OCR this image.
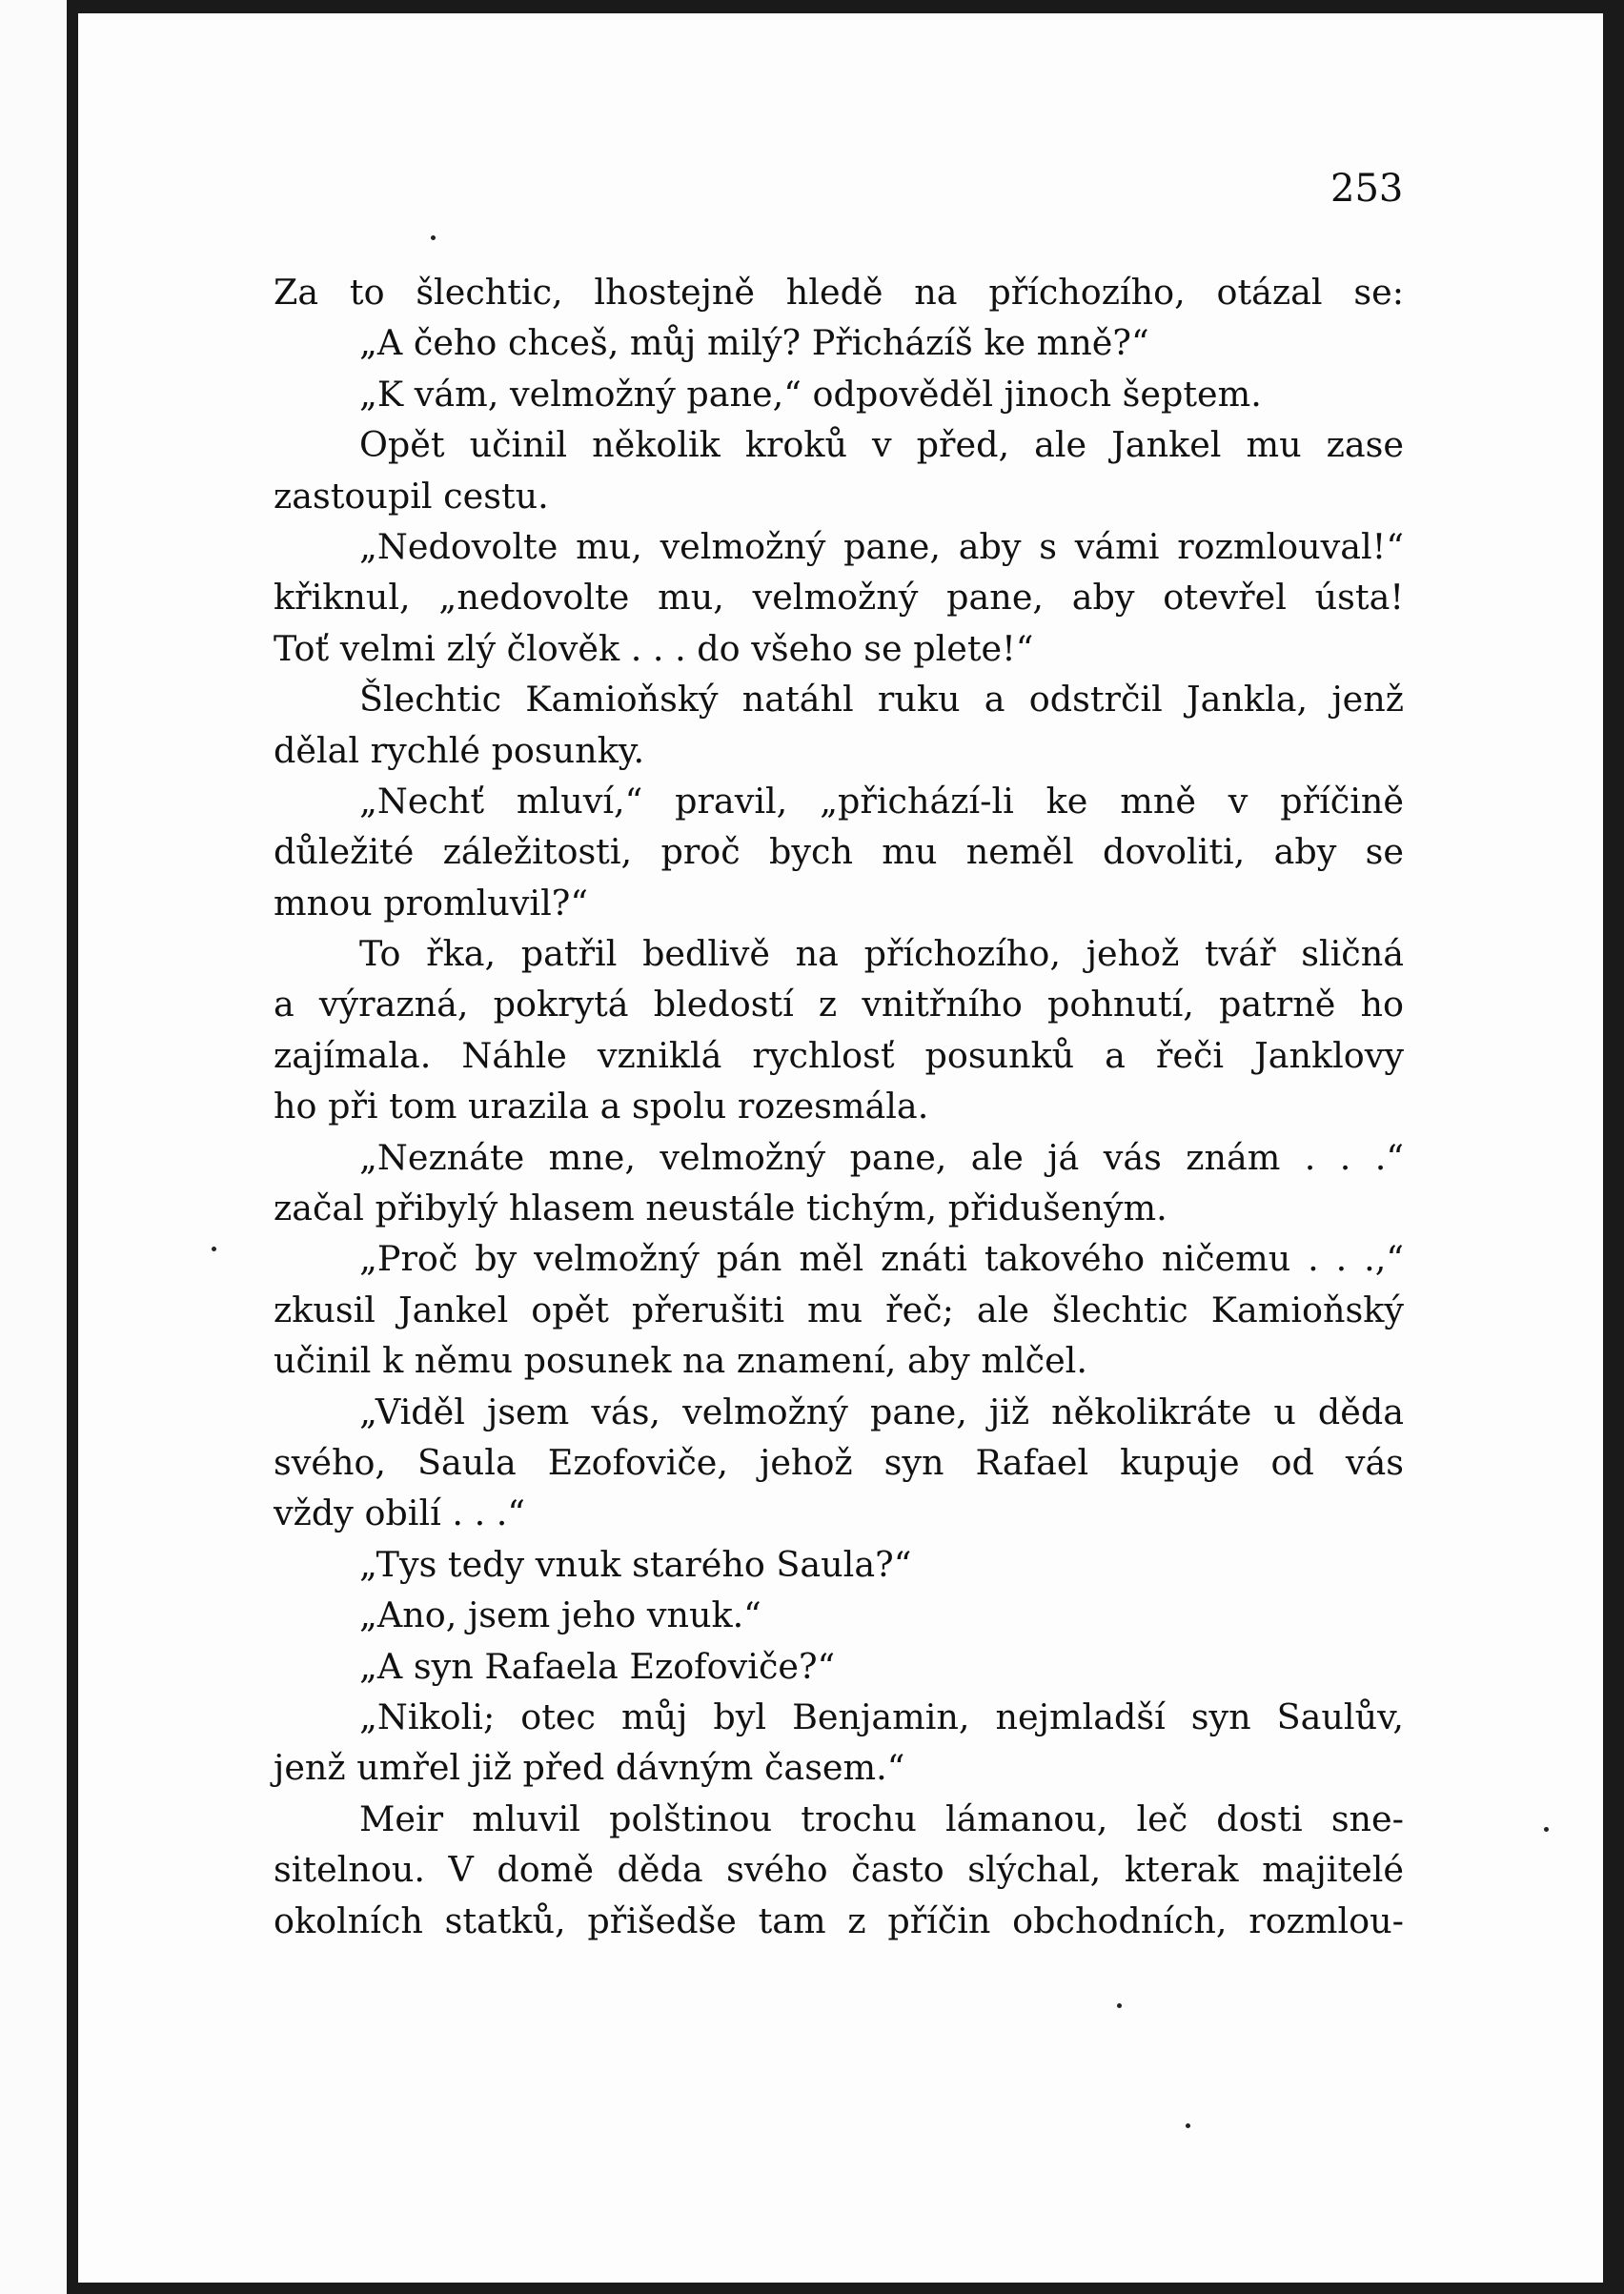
253
Za to šlechtic, lhostejně hledě na příchozího, otázal se:
„A čeho chceš, můj milý? Přicházíš ke mně?“
„K vám, velmožný pane,“ odpověděl jinoch šeptem.
Opět učinil několik kroků v před, ale Jankel mu zase
zastoupil cestu.
„Nedovolte mu, velmožný pane, aby s vámi rozmlouval!“
křiknul, „nedovolte mu, velmožný pane, aby otevřel ústa!
Toť velmi zlý člověk . . . do všeho se plete!“
Šlechtic Kamioňský natáhl ruku a odstrčil Jankla, jenž
dělal rychlé posunky.
„Nechť mluví,“ pravil, „přichází-li ke mně v příčině
důležité záležitosti, proč bych mu neměl dovoliti, aby se
mnou promluvil?“
To řka, patřil bedlivě na příchozího, jehož tvář sličná
a výrazná, pokrytá bledostí z vnitřního pohnutí, patrně ho
zajímala. Náhle vzniklá rychlosť posunků a řeči Janklovy
ho při tom urazila a spolu rozesmála.
„Neznáte mne, velmožný pane, ale já vás znám . . .“
začal přibylý hlasem neustále tichým, přidušeným.
„Proč by velmožný pán měl znáti takového ničemu . . .,“
zkusil Jankel opět přerušiti mu řeč; ale šlechtic Kamioňský
učinil k němu posunek na znamení, aby mlčel.
„Viděl jsem vás, velmožný pane, již několikráte u děda
svého, Saula Ezofoviče, jehož syn Rafael kupuje od vás
vždy obilí . . .“
„Tys tedy vnuk starého Saula?“
„Ano, jsem jeho vnuk.“
„A syn Rafaela Ezofoviče?“
„Nikoli; otec můj byl Benjamin, nejmladší syn Saulův,
jenž umřel již před dávným časem.“
Meir mluvil polštinou trochu lámanou, leč dosti sne-
sitelnou. V domě děda svého často slýchal, kterak majitelé
okolních statků, přišedše tam z příčin obchodních, rozmlou-
